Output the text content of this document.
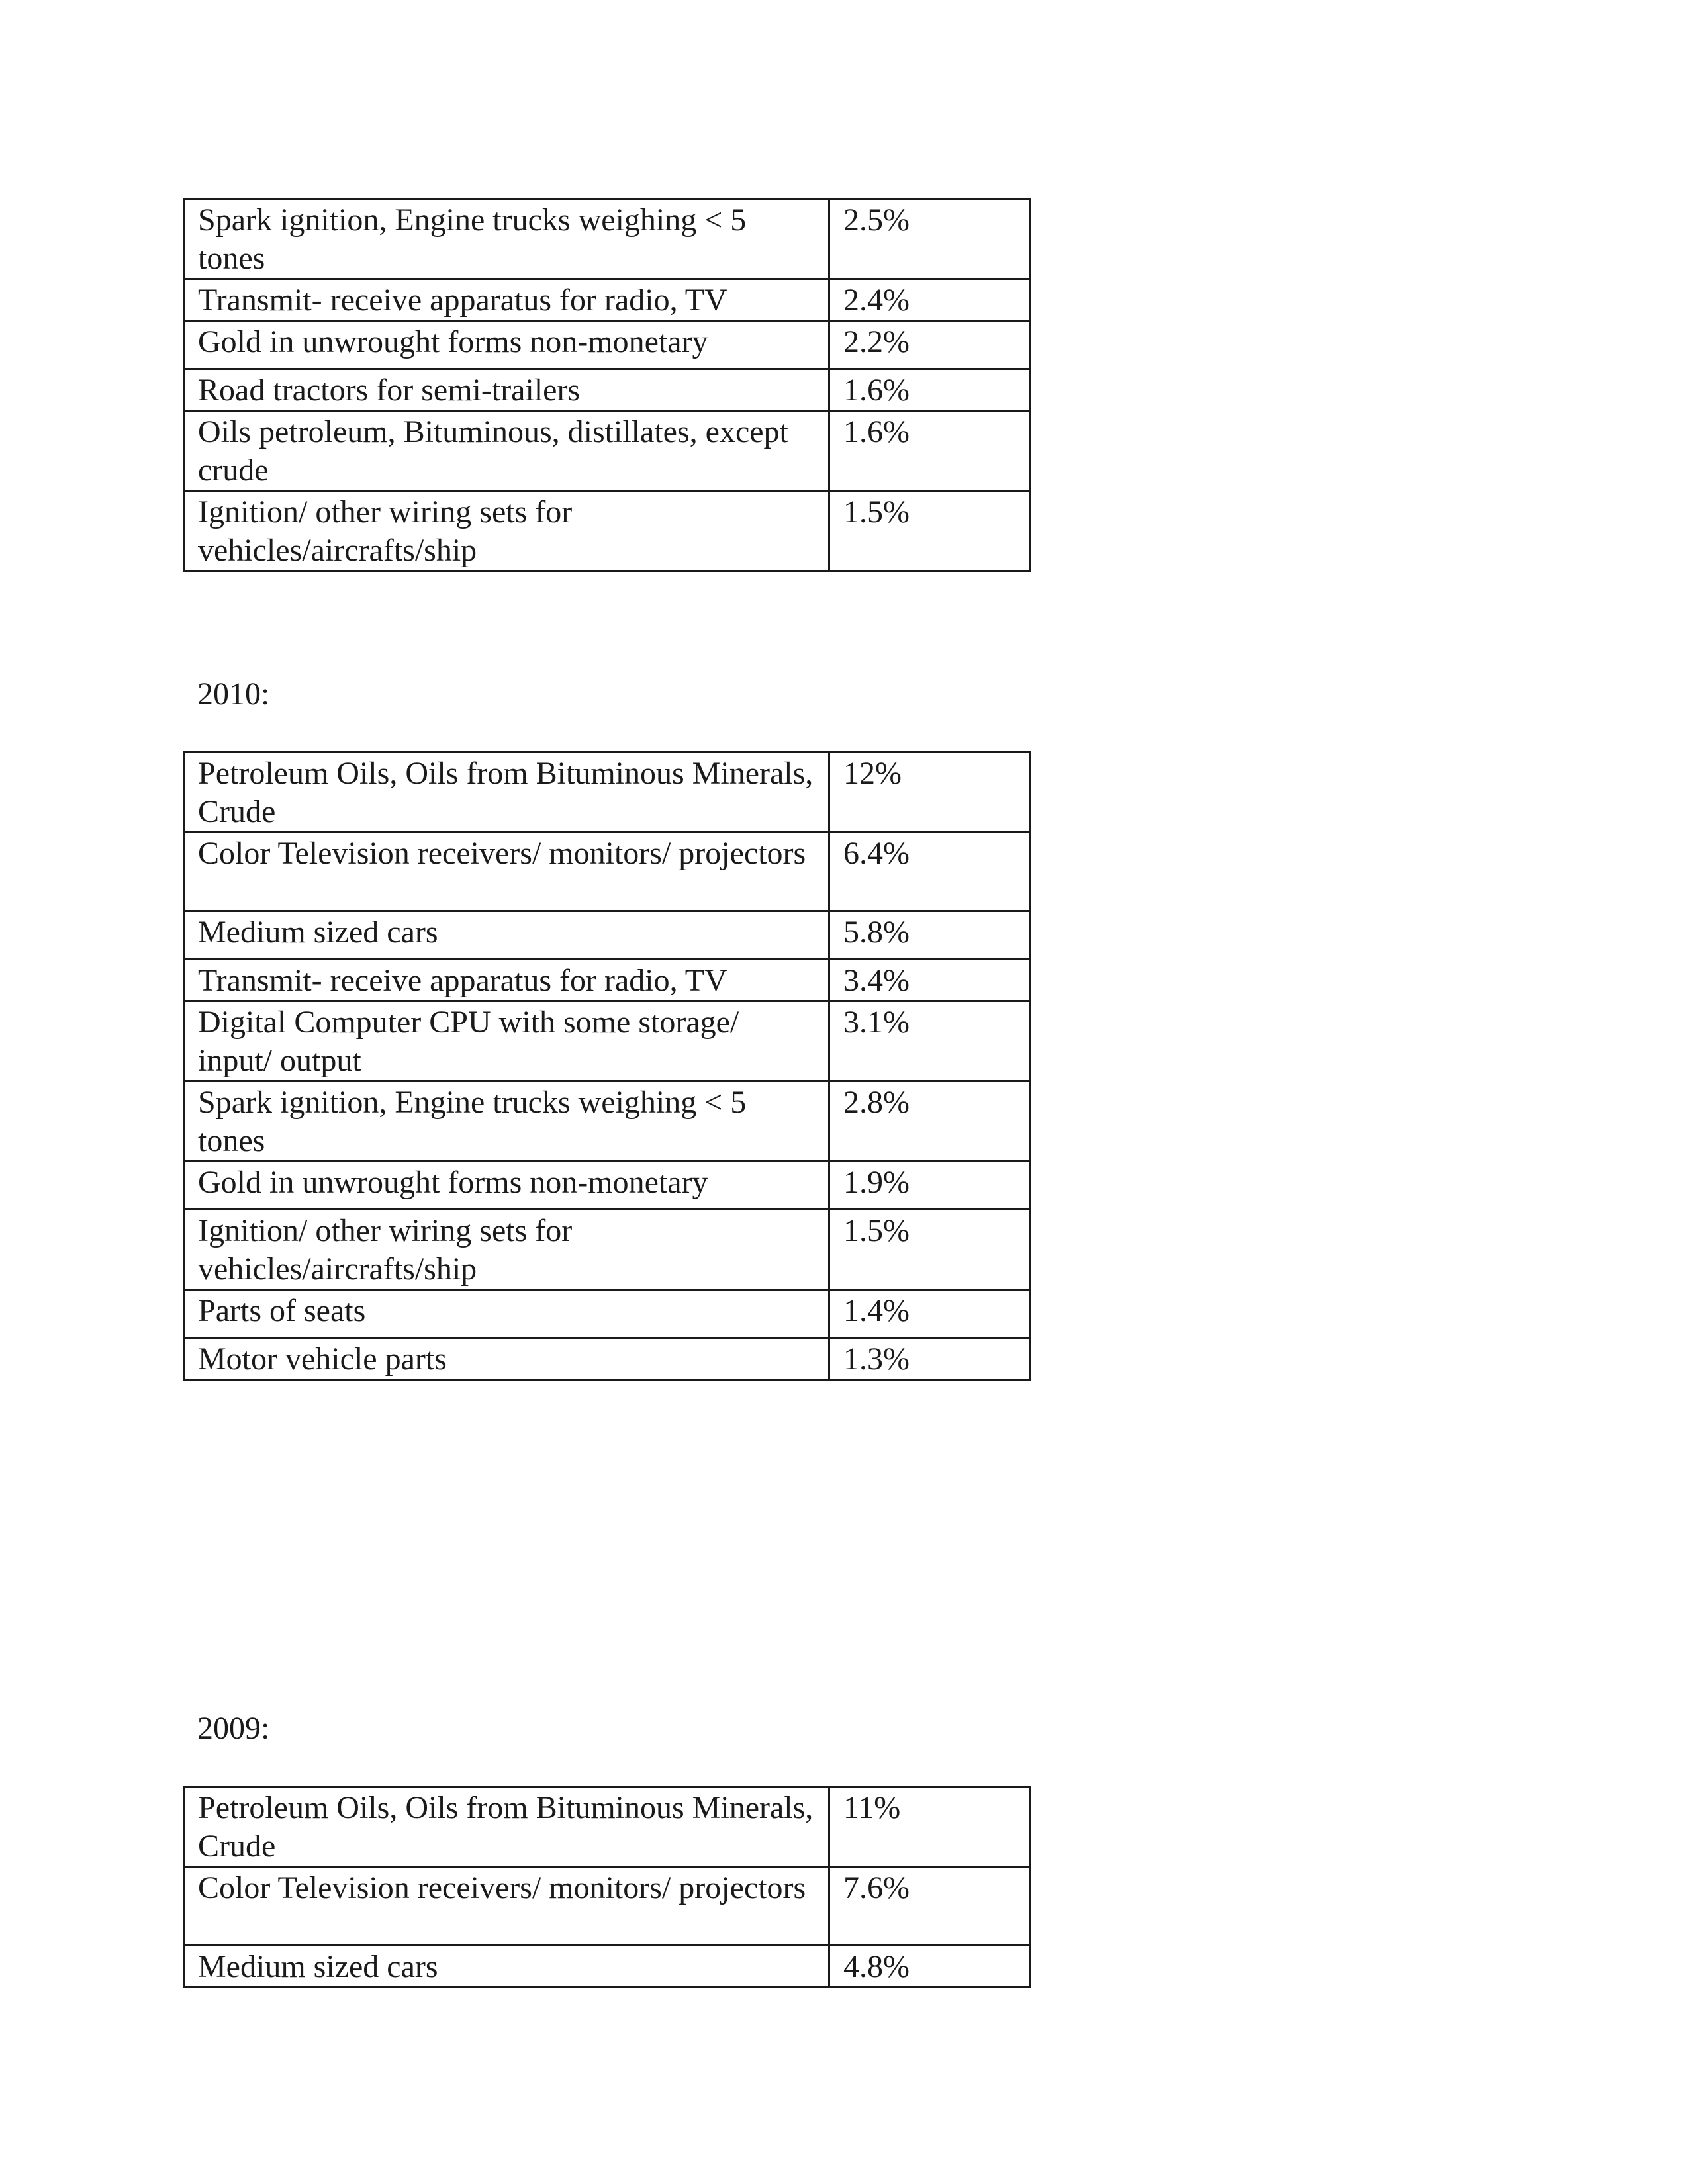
Spark ignition, Engine trucks weighing < 5 tones	2.5%
Transmit- receive apparatus for radio, TV	2.4%
Gold in unwrought forms non-monetary	2.2%
Road tractors for semi-trailers	1.6%
Oils petroleum, Bituminous, distillates, except crude	1.6%
Ignition/ other wiring sets for vehicles/aircrafts/ship	1.5%
2010:
Petroleum Oils, Oils from Bituminous Minerals, Crude	12%
Color Television receivers/ monitors/ projectors	6.4%
Medium sized cars	5.8%
Transmit- receive apparatus for radio, TV	3.4%
Digital Computer CPU with some storage/ input/ output	3.1%
Spark ignition, Engine trucks weighing < 5 tones	2.8%
Gold in unwrought forms non-monetary	1.9%
Ignition/ other wiring sets for vehicles/aircrafts/ship	1.5%
Parts of seats	1.4%
Motor vehicle parts	1.3%
2009:
Petroleum Oils, Oils from Bituminous Minerals, Crude	11%
Color Television receivers/ monitors/ projectors	7.6%
Medium sized cars	4.8%
